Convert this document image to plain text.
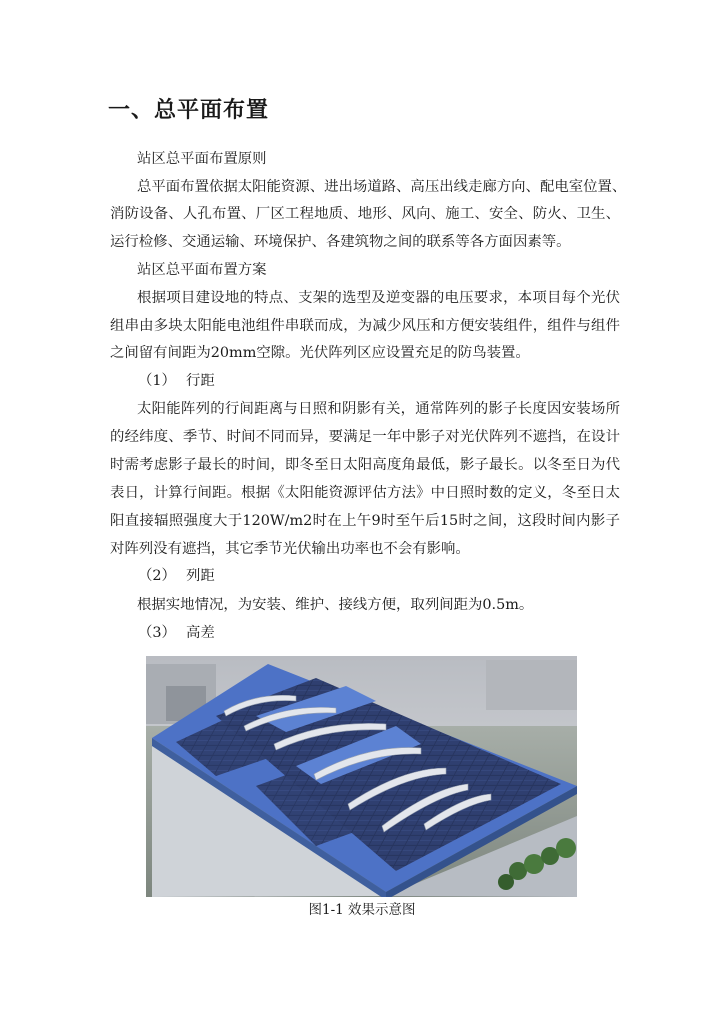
一、总平面布置

站区总平面布置原则

总平面布置依据太阳能资源、进出场道路、高压出线走廊方向、配电室位置、

消防设备、人孔布置、厂区工程地质、地形、风向、施工、安全、防火、卫生、

运行检修、交通运输、环境保护、各建筑物之间的联系等各方面因素等。

站区总平面布置方案

根据项目建设地的特点、支架的选型及逆变器的电压要求，本项目每个光伏

组串由多块太阳能电池组件串联而成，为减少风压和方便安装组件，组件与组件

之间留有间距为20mm空隙。光伏阵列区应设置充足的防鸟装置。

（1） 行距

太阳能阵列的行间距离与日照和阴影有关，通常阵列的影子长度因安装场所

的经纬度、季节、时间不同而异，要满足一年中影子对光伏阵列不遮挡，在设计

时需考虑影子最长的时间，即冬至日太阳高度角最低，影子最长。以冬至日为代

表日，计算行间距。根据《太阳能资源评估方法》中日照时数的定义，冬至日太

阳直接辐照强度大于120W/m2时在上午9时至午后15时之间，这段时间内影子

对阵列没有遮挡，其它季节光伏输出功率也不会有影响。

（2） 列距

根据实地情况，为安装、维护、接线方便，取列间距为0.5m。

（3） 高差

图1-1 效果示意图
